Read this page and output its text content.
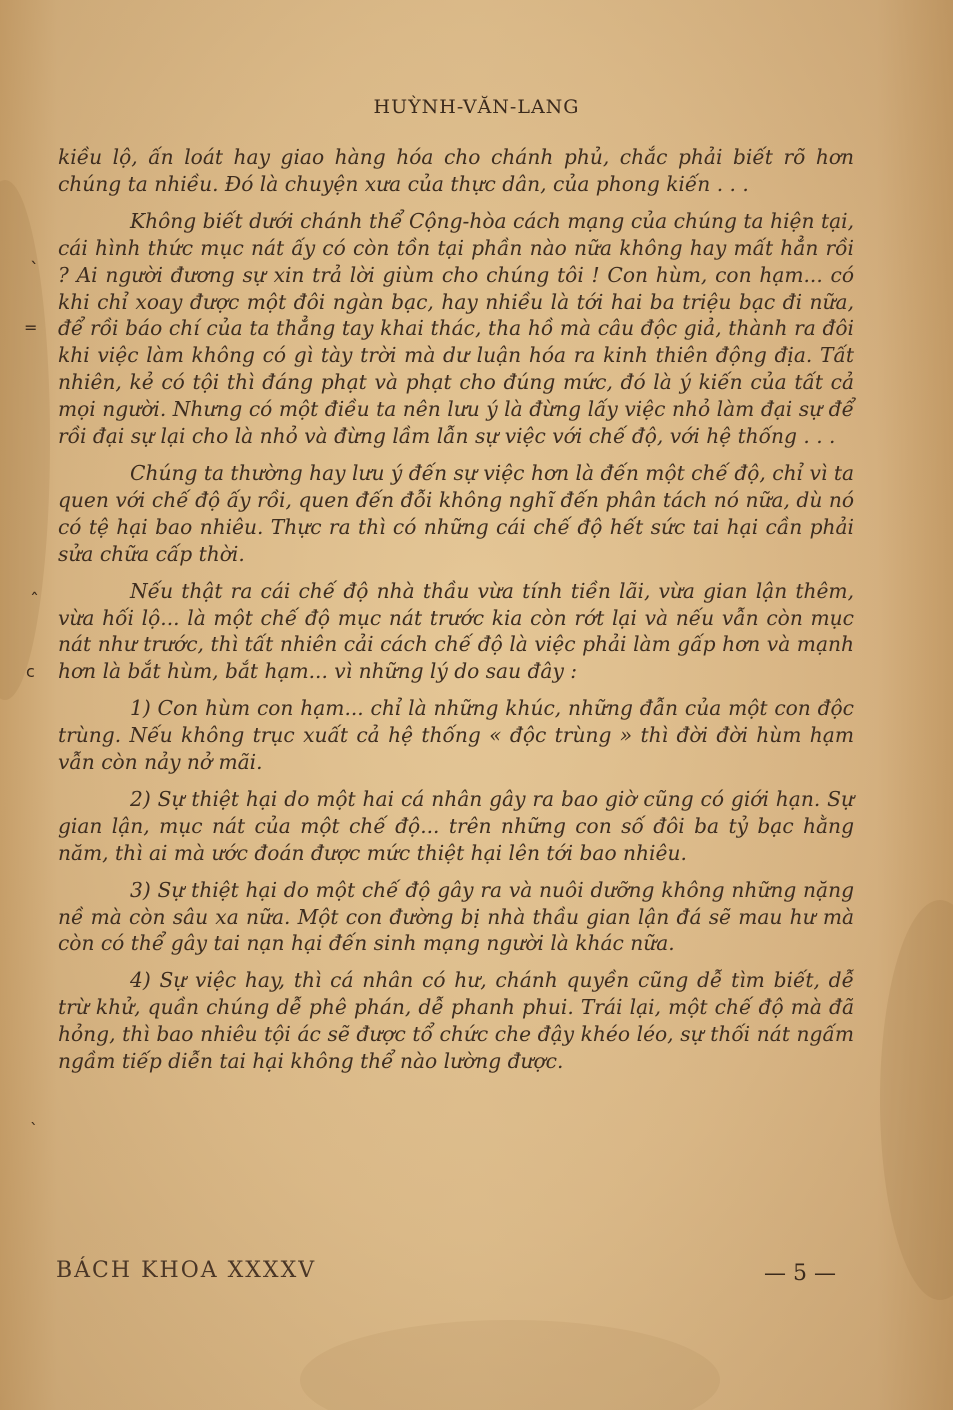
ˎ
=
ˆ
c
ˎ
HUỲNH-VĂN-LANG

kiều lộ, ấn loát hay giao hàng hóa cho chánh phủ, chắc phải biết rõ hơn chúng ta nhiều. Đó là chuyện xưa của thực dân, của phong kiến . . .

Không biết dưới chánh thể Cộng-hòa cách mạng của chúng ta hiện tại, cái hình thức mục nát ấy có còn tồn tại phần nào nữa không hay mất hẳn rồi ? Ai người đương sự xin trả lời giùm cho chúng tôi ! Con hùm, con hạm... có khi chỉ xoay được một đôi ngàn bạc, hay nhiều là tới hai ba triệu bạc đi nữa, để rồi báo chí của ta thẳng tay khai thác, tha hồ mà câu độc giả, thành ra đôi khi việc làm không có gì tày trời mà dư luận hóa ra kinh thiên động địa. Tất nhiên, kẻ có tội thì đáng phạt và phạt cho đúng mức, đó là ý kiến của tất cả mọi người. Nhưng có một điều ta nên lưu ý là đừng lấy việc nhỏ làm đại sự để rồi đại sự lại cho là nhỏ và đừng lầm lẫn sự việc với chế độ, với hệ thống . . .

Chúng ta thường hay lưu ý đến sự việc hơn là đến một chế độ, chỉ vì ta quen với chế độ ấy rồi, quen đến đỗi không nghĩ đến phân tách nó nữa, dù nó có tệ hại bao nhiêu. Thực ra thì có những cái chế độ hết sức tai hại cần phải sửa chữa cấp thời.

Nếu thật ra cái chế độ nhà thầu vừa tính tiền lãi, vừa gian lận thêm, vừa hối lộ... là một chế độ mục nát trước kia còn rớt lại và nếu vẫn còn mục nát như trước, thì tất nhiên cải cách chế độ là việc phải làm gấp hơn và mạnh hơn là bắt hùm, bắt hạm... vì những lý do sau đây :

1) Con hùm con hạm... chỉ là những khúc, những đẫn của một con độc trùng. Nếu không trục xuất cả hệ thống « độc trùng » thì đời đời hùm hạm vẫn còn nảy nở mãi.

2) Sự thiệt hại do một hai cá nhân gây ra bao giờ cũng có giới hạn. Sự gian lận, mục nát của một chế độ... trên những con số đôi ba tỷ bạc hằng năm, thì ai mà ước đoán được mức thiệt hại lên tới bao nhiêu.

3) Sự thiệt hại do một chế độ gây ra và nuôi dưỡng không những nặng nề mà còn sâu xa nữa. Một con đường bị nhà thầu gian lận đá sẽ mau hư mà còn có thể gây tai nạn hại đến sinh mạng người là khác nữa.

4) Sự việc hay, thì cá nhân có hư, chánh quyền cũng dễ tìm biết, dễ trừ khử, quần chúng dễ phê phán, dễ phanh phui. Trái lại, một chế độ mà đã hỏng, thì bao nhiêu tội ác sẽ được tổ chức che đậy khéo léo, sự thối nát ngấm ngầm tiếp diễn tai hại không thể nào lường được.

BÁCH KHOA XXXXV	— 5 —
